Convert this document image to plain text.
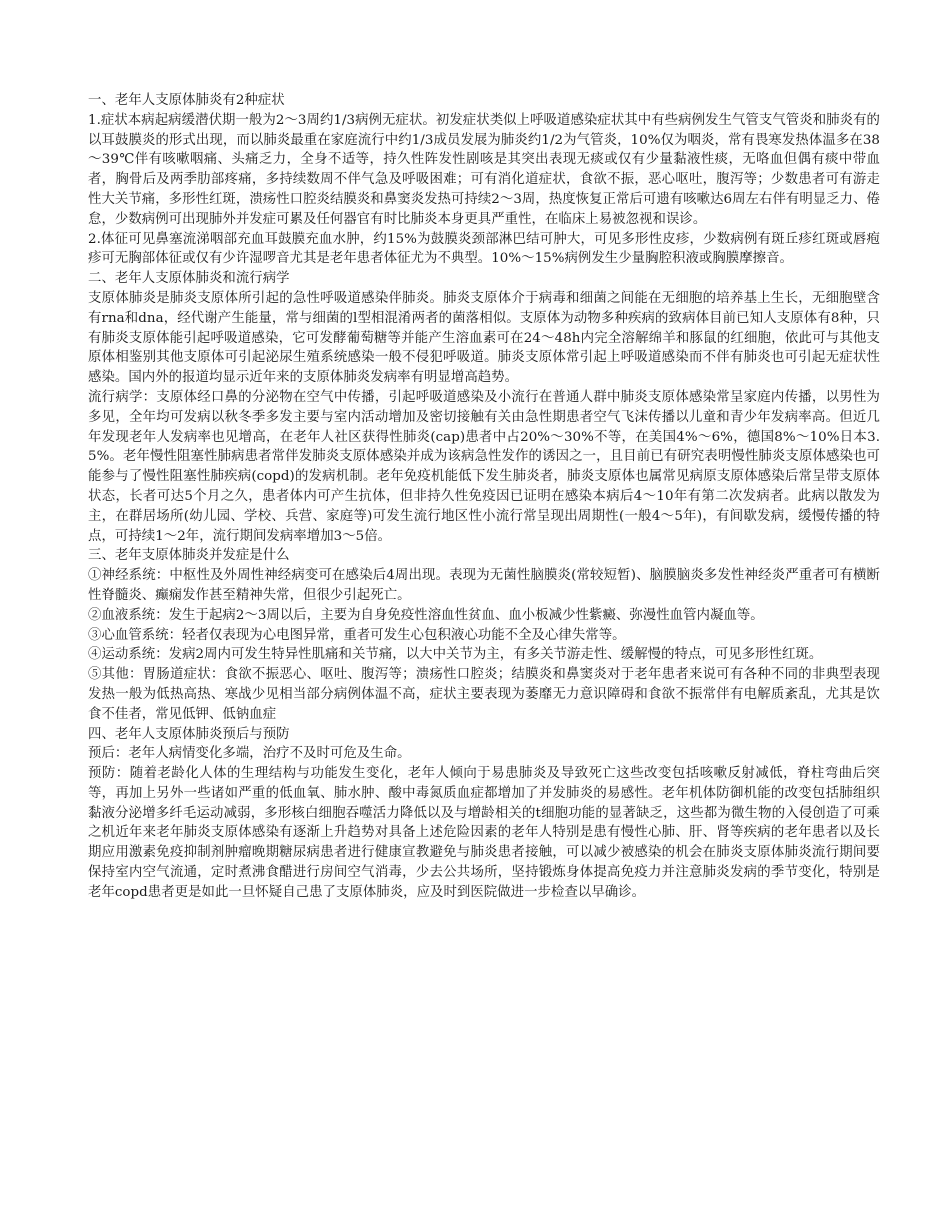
一、老年人支原体肺炎有2种症状

1.症状本病起病缓潜伏期一般为2～3周约1/3病例无症状。初发症状类似上呼吸道感染症状其中有些病例发生气管支气管炎和肺炎有的以耳鼓膜炎的形式出现，而以肺炎最重在家庭流行中约1/3成员发展为肺炎约1/2为气管炎，10%仅为咽炎，常有畏寒发热体温多在38～39℃伴有咳嗽咽痛、头痛乏力，全身不适等，持久性阵发性剧咳是其突出表现无痰或仅有少量黏液性痰，无咯血但偶有痰中带血者，胸骨后及两季肋部疼痛，多持续数周不伴气急及呼吸困难；可有消化道症状，食欲不振，恶心呕吐，腹泻等；少数患者可有游走性大关节痛，多形性红斑，溃疡性口腔炎结膜炎和鼻窦炎发热可持续2～3周，热度恢复正常后可遗有咳嗽达6周左右伴有明显乏力、倦怠，少数病例可出现肺外并发症可累及任何器官有时比肺炎本身更具严重性，在临床上易被忽视和误诊。

2.体征可见鼻塞流涕咽部充血耳鼓膜充血水肿，约15%为鼓膜炎颈部淋巴结可肿大，可见多形性皮疹，少数病例有斑丘疹红斑或唇疱疹可无胸部体征或仅有少许湿啰音尤其是老年患者体征尤为不典型。10%～15%病例发生少量胸腔积液或胸膜摩擦音。

二、老年人支原体肺炎和流行病学

支原体肺炎是肺炎支原体所引起的急性呼吸道感染伴肺炎。肺炎支原体介于病毒和细菌之间能在无细胞的培养基上生长，无细胞壁含有rna和dna，经代谢产生能量，常与细菌的l型相混淆两者的菌落相似。支原体为动物多种疾病的致病体目前已知人支原体有8种，只有肺炎支原体能引起呼吸道感染，它可发酵葡萄糖等并能产生溶血素可在24～48h内完全溶解绵羊和豚鼠的红细胞，依此可与其他支原体相鉴别其他支原体可引起泌尿生殖系统感染一般不侵犯呼吸道。肺炎支原体常引起上呼吸道感染而不伴有肺炎也可引起无症状性感染。国内外的报道均显示近年来的支原体肺炎发病率有明显增高趋势。

流行病学：支原体经口鼻的分泌物在空气中传播，引起呼吸道感染及小流行在普通人群中肺炎支原体感染常呈家庭内传播，以男性为多见，全年均可发病以秋冬季多发主要与室内活动增加及密切接触有关由急性期患者空气飞沫传播以儿童和青少年发病率高。但近几年发现老年人发病率也见增高，在老年人社区获得性肺炎(cap)患者中占20%～30%不等，在美国4%～6%，德国8%～10%日本3.5%。老年慢性阻塞性肺病患者常伴发肺炎支原体感染并成为该病急性发作的诱因之一，且目前已有研究表明慢性肺炎支原体感染也可能参与了慢性阻塞性肺疾病(copd)的发病机制。老年免疫机能低下发生肺炎者，肺炎支原体也属常见病原支原体感染后常呈带支原体状态，长者可达5个月之久，患者体内可产生抗体，但非持久性免疫因已证明在感染本病后4～10年有第二次发病者。此病以散发为主，在群居场所(幼儿园、学校、兵营、家庭等)可发生流行地区性小流行常呈现出周期性(一般4～5年)，有间歇发病，缓慢传播的特点，可持续1～2年，流行期间发病率增加3～5倍。

三、老年支原体肺炎并发症是什么

①神经系统：中枢性及外周性神经病变可在感染后4周出现。表现为无菌性脑膜炎(常较短暂)、脑膜脑炎多发性神经炎严重者可有横断性脊髓炎、癫痫发作甚至精神失常，但很少引起死亡。

②血液系统：发生于起病2～3周以后，主要为自身免疫性溶血性贫血、血小板减少性紫癜、弥漫性血管内凝血等。

③心血管系统：轻者仅表现为心电图异常，重者可发生心包积液心功能不全及心律失常等。

④运动系统：发病2周内可发生特异性肌痛和关节痛，以大中关节为主，有多关节游走性、缓解慢的特点，可见多形性红斑。

⑤其他：胃肠道症状：食欲不振恶心、呕吐、腹泻等；溃疡性口腔炎；结膜炎和鼻窦炎对于老年患者来说可有各种不同的非典型表现发热一般为低热高热、寒战少见相当部分病例体温不高，症状主要表现为萎靡无力意识障碍和食欲不振常伴有电解质紊乱，尤其是饮食不佳者，常见低钾、低钠血症

四、老年人支原体肺炎预后与预防

预后：老年人病情变化多端，治疗不及时可危及生命。

预防：随着老龄化人体的生理结构与功能发生变化，老年人倾向于易患肺炎及导致死亡这些改变包括咳嗽反射减低，脊柱弯曲后突等，再加上另外一些诸如严重的低血氧、肺水肿、酸中毒氮质血症都增加了并发肺炎的易感性。老年机体防御机能的改变包括肺组织黏液分泌增多纤毛运动减弱，多形核白细胞吞噬活力降低以及与增龄相关的t细胞功能的显著缺乏，这些都为微生物的入侵创造了可乘之机近年来老年肺炎支原体感染有逐渐上升趋势对具备上述危险因素的老年人特别是患有慢性心肺、肝、肾等疾病的老年患者以及长期应用激素免疫抑制剂肿瘤晚期糖尿病患者进行健康宣教避免与肺炎患者接触，可以减少被感染的机会在肺炎支原体肺炎流行期间要保持室内空气流通，定时煮沸食醋进行房间空气消毒，少去公共场所，坚持锻炼身体提高免疫力并注意肺炎发病的季节变化，特别是老年copd患者更是如此一旦怀疑自己患了支原体肺炎，应及时到医院做进一步检查以早确诊。
